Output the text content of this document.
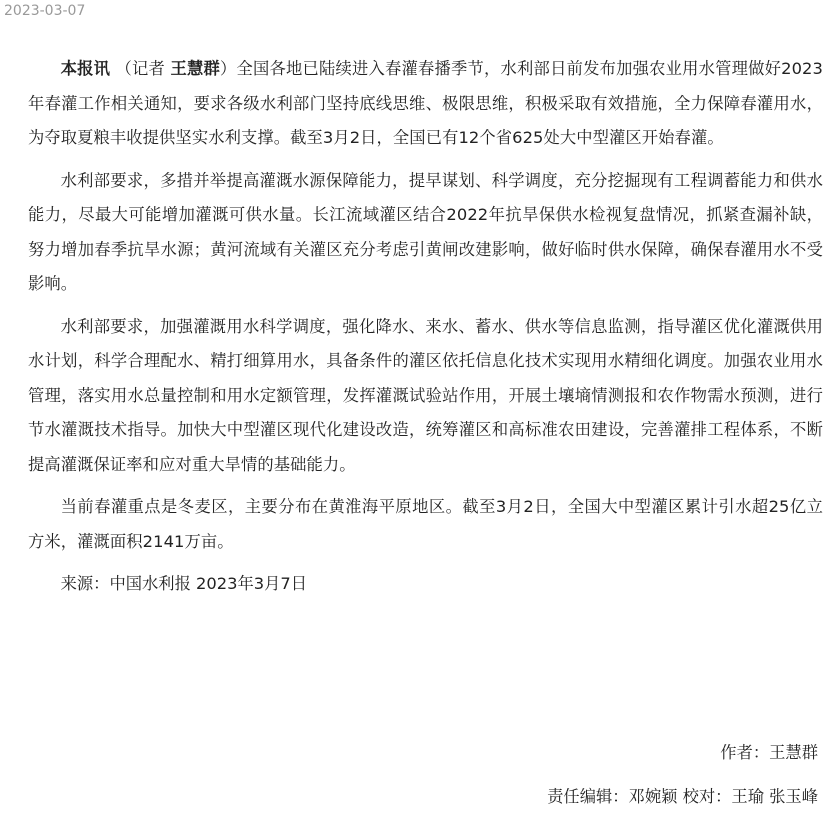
2023-03-07

本报讯 （记者 王慧群）全国各地已陆续进入春灌春播季节，水利部日前发布加强农业用水管理做好2023年春灌工作相关通知，要求各级水利部门坚持底线思维、极限思维，积极采取有效措施，全力保障春灌用水，为夺取夏粮丰收提供坚实水利支撑。截至3月2日，全国已有12个省625处大中型灌区开始春灌。

水利部要求，多措并举提高灌溉水源保障能力，提早谋划、科学调度，充分挖掘现有工程调蓄能力和供水能力，尽最大可能增加灌溉可供水量。长江流域灌区结合2022年抗旱保供水检视复盘情况，抓紧查漏补缺，努力增加春季抗旱水源；黄河流域有关灌区充分考虑引黄闸改建影响，做好临时供水保障，确保春灌用水不受影响。

水利部要求，加强灌溉用水科学调度，强化降水、来水、蓄水、供水等信息监测，指导灌区优化灌溉供用水计划，科学合理配水、精打细算用水，具备条件的灌区依托信息化技术实现用水精细化调度。加强农业用水管理，落实用水总量控制和用水定额管理，发挥灌溉试验站作用，开展土壤墒情测报和农作物需水预测，进行节水灌溉技术指导。加快大中型灌区现代化建设改造，统筹灌区和高标准农田建设，完善灌排工程体系，不断提高灌溉保证率和应对重大旱情的基础能力。

当前春灌重点是冬麦区，主要分布在黄淮海平原地区。截至3月2日，全国大中型灌区累计引水超25亿立方米，灌溉面积2141万亩。

来源：中国水利报 2023年3月7日

作者：王慧群
责任编辑：邓婉颖 校对：王瑜 张玉峰
